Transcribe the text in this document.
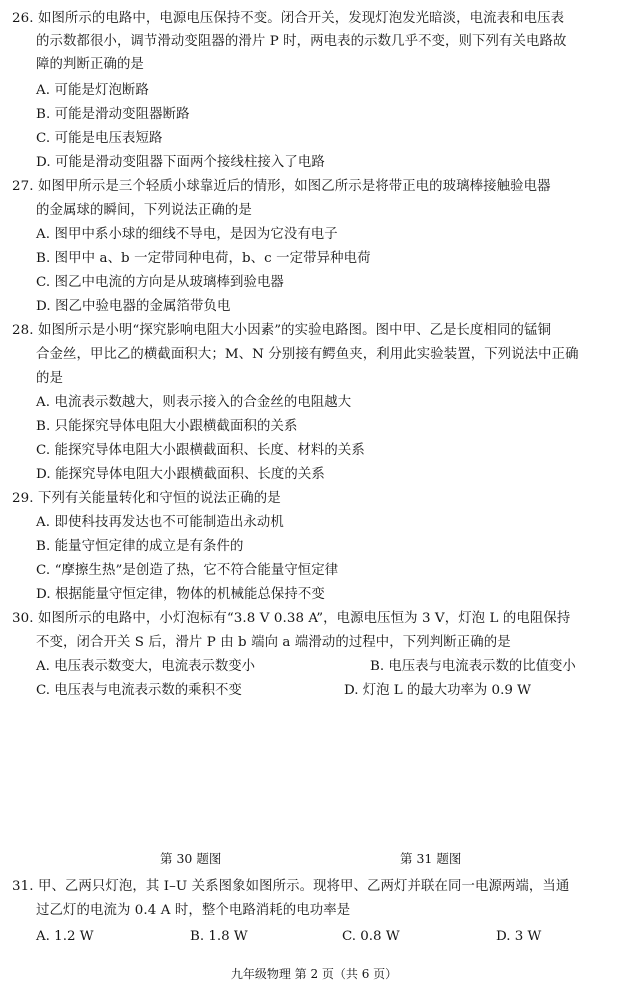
26. 如图所示的电路中，电源电压保持不变。闭合开关，发现灯泡发光暗淡，电流表和电压表
的示数都很小，调节滑动变阻器的滑片 P 时，两电表的示数几乎不变，则下列有关电路故
障的判断正确的是
A. 可能是灯泡断路
B. 可能是滑动变阻器断路
C. 可能是电压表短路
D. 可能是滑动变阻器下面两个接线柱接入了电路
27. 如图甲所示是三个轻质小球靠近后的情形，如图乙所示是将带正电的玻璃棒接触验电器
的金属球的瞬间，下列说法正确的是
A. 图甲中系小球的细线不导电，是因为它没有电子
B. 图甲中 a、b 一定带同种电荷，b、c 一定带异种电荷
C. 图乙中电流的方向是从玻璃棒到验电器
D. 图乙中验电器的金属箔带负电
28. 如图所示是小明“探究影响电阻大小因素”的实验电路图。图中甲、乙是长度相同的锰铜
合金丝，甲比乙的横截面积大；M、N 分别接有鳄鱼夹，利用此实验装置，下列说法中正确
的是
A. 电流表示数越大，则表示接入的合金丝的电阻越大
B. 只能探究导体电阻大小跟横截面积的关系
C. 能探究导体电阻大小跟横截面积、长度、材料的关系
D. 能探究导体电阻大小跟横截面积、长度的关系
29. 下列有关能量转化和守恒的说法正确的是
A. 即使科技再发达也不可能制造出永动机
B. 能量守恒定律的成立是有条件的
C. “摩擦生热”是创造了热，它不符合能量守恒定律
D. 根据能量守恒定律，物体的机械能总保持不变
30. 如图所示的电路中，小灯泡标有“3.8 V 0.38 A”，电源电压恒为 3 V，灯泡 L 的电阻保持
不变，闭合开关 S 后，滑片 P 由 b 端向 a 端滑动的过程中，下列判断正确的是
A. 电压表示数变大，电流表示数变小	B. 电压表与电流表示数的比值变小
C. 电压表与电流表示数的乘积不变	D. 灯泡 L 的最大功率为 0.9 W
第 30 题图	第 31 题图
31. 甲、乙两只灯泡，其 I–U 关系图象如图所示。现将甲、乙两灯并联在同一电源两端，当通
过乙灯的电流为 0.4 A 时，整个电路消耗的电功率是
A. 1.2 W	B. 1.8 W	C. 0.8 W	D. 3 W
九年级物理 第 2 页（共 6 页）
